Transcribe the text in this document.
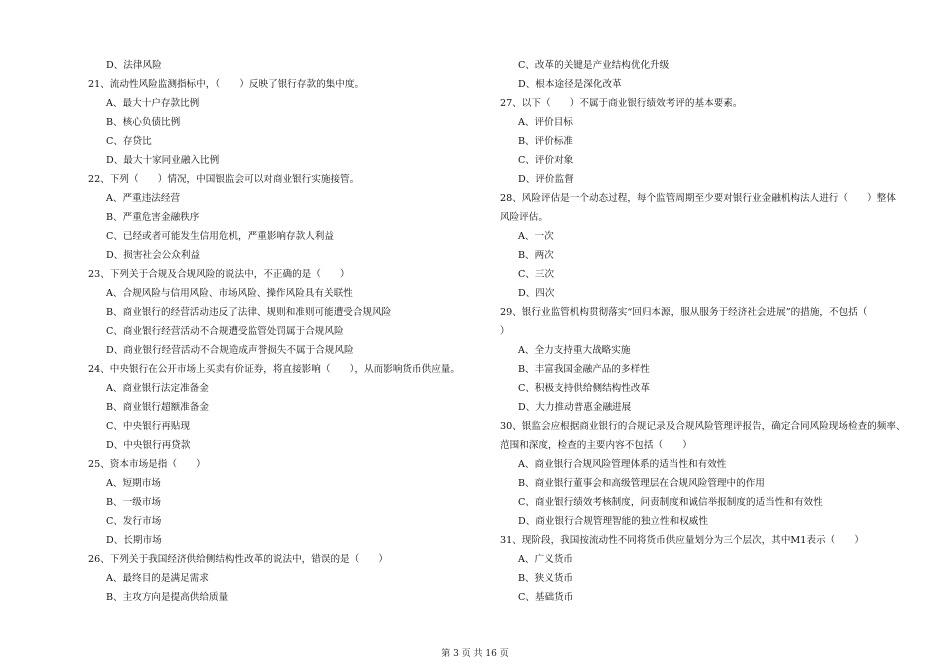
D、法律风险
21、流动性风险监测指标中，（　　）反映了银行存款的集中度。
A、最大十户存款比例
B、核心负债比例
C、存贷比
D、最大十家同业融入比例
22、下列（　　）情况，中国银监会可以对商业银行实施接管。
A、严重违法经营
B、严重危害金融秩序
C、已经或者可能发生信用危机，严重影响存款人利益
D、损害社会公众利益
23、下列关于合规及合规风险的说法中，不正确的是（　　）
A、合规风险与信用风险、市场风险、操作风险具有关联性
B、商业银行的经营活动违反了法律、规则和准则可能遭受合规风险
C、商业银行经营活动不合规遭受监管处罚属于合规风险
D、商业银行经营活动不合规造成声誉损失不属于合规风险
24、中央银行在公开市场上买卖有价证券，将直接影响（　　），从而影响货币供应量。
A、商业银行法定准备金
B、商业银行超额准备金
C、中央银行再贴现
D、中央银行再贷款
25、资本市场是指（　　）
A、短期市场
B、一级市场
C、发行市场
D、长期市场
26、下列关于我国经济供给侧结构性改革的说法中，错误的是（　　）
A、最终目的是满足需求
B、主攻方向是提高供给质量
C、改革的关键是产业结构优化升级
D、根本途径是深化改革
27、以下（　　）不属于商业银行绩效考评的基本要素。
A、评价目标
B、评价标准
C、评价对象
D、评价监督
28、风险评估是一个动态过程，每个监管周期至少要对银行业金融机构法人进行（　　）整体
风险评估。
A、一次
B、两次
C、三次
D、四次
29、银行业监管机构贯彻落实“回归本源，服从服务于经济社会进展”的措施，不包括（
）
A、全力支持重大战略实施
B、丰富我国金融产品的多样性
C、积极支持供给侧结构性改革
D、大力推动普惠金融进展
30、银监会应根据商业银行的合规记录及合规风险管理评报告，确定合同风险现场检查的频率、
范围和深度，检查的主要内容不包括（　　）
A、商业银行合规风险管理体系的适当性和有效性
B、商业银行董事会和高级管理层在合规风险管理中的作用
C、商业银行绩效考核制度，问责制度和诚信举报制度的适当性和有效性
D、商业银行合规管理智能的独立性和权威性
31、现阶段，我国按流动性不同将货币供应量划分为三个层次，其中M1表示（　　）
A、广义货币
B、狭义货币
C、基础货币
第 3 页 共 16 页
